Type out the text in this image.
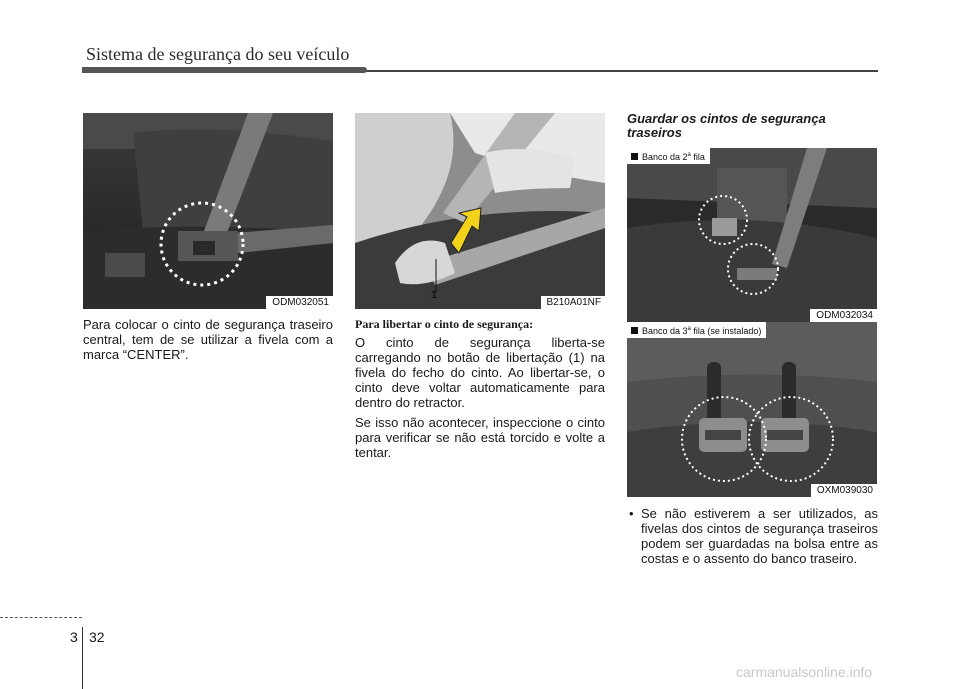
Sistema de segurança do seu veículo
ODM032051
1
B210A01NF
Banco da 2$^a$ fila
ODM032034
Banco da 3$^a$ fila (se instalado)
OXM039030

Para colocar o cinto de segurança traseiro central, tem de se utilizar a fivela com a marca “CENTER”.

Para libertar o cinto de segurança:

O cinto de segurança liberta-se carregando no botão de libertação (1) na fivela do fecho do cinto. Ao libertar-se, o cinto deve voltar automaticamente para dentro do retractor.

Se isso não acontecer, inspeccione o cinto para verificar se não está torcido e volte a tentar.

Guardar os cintos de segurança traseiros
• Se não estiverem a ser utilizados, as fivelas dos cintos de segurança traseiros podem ser guardadas na bolsa entre as costas e o assento do banco traseiro.
3 32
carmanualsonline.info
